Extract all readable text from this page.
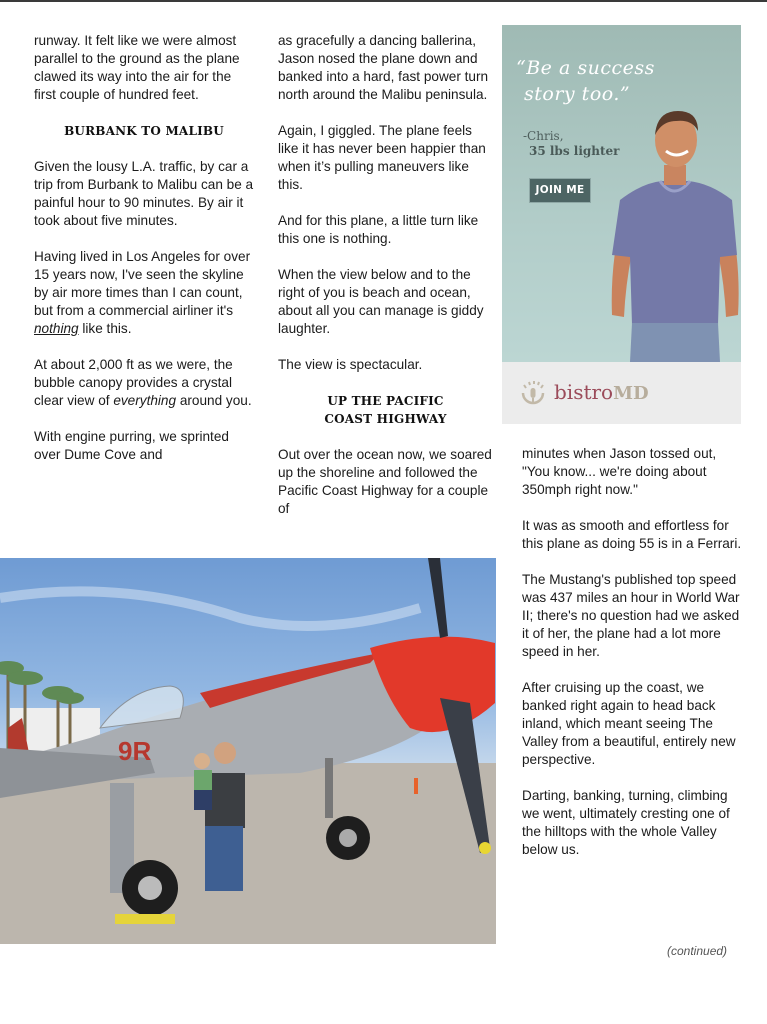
runway. It felt like we were almost parallel to the ground as the plane clawed its way into the air for the first couple of hundred feet.

BURBANK TO MALIBU

Given the lousy L.A. traffic, by car a trip from Burbank to Malibu can be a painful hour to 90 minutes. By air it took about five minutes.

Having lived in Los Angeles for over 15 years now, I've seen the skyline by air more times than I can count, but from a commercial airliner it's nothing like this.

At about 2,000 ft as we were, the bubble canopy provides a crystal clear view of everything around you.

With engine purring, we sprinted over Dume Cove and

as gracefully a dancing ballerina, Jason nosed the plane down and banked into a hard, fast power turn north around the Malibu peninsula.

Again, I giggled. The plane feels like it has never been happier than when it’s pulling maneuvers like this.

And for this plane, a little turn like this one is nothing.

When the view below and to the right of you is beach and ocean, about all you can manage is giddy laughter.

The view is spectacular.

UP THE PACIFIC
COAST HIGHWAY

Out over the ocean now, we soared up the shoreline and followed the Pacific Coast Highway for a couple of

“Be a success
story too.”
-Chris,
35 lbs lighter
JOIN ME
bistroMD
9R

minutes when Jason tossed out, "You know... we're doing about 350mph right now."

It was as smooth and effortless for this plane as doing 55 is in a Ferrari.

The Mustang's published top speed was 437 miles an hour in World War II; there's no question had we asked it of her, the plane had a lot more speed in her.

After cruising up the coast, we banked right again to head back inland, which meant seeing The Valley from a beautiful, entirely new perspective.

Darting, banking, turning, climbing we went, ultimately cresting one of the hilltops with the whole Valley below us.

(continued)
